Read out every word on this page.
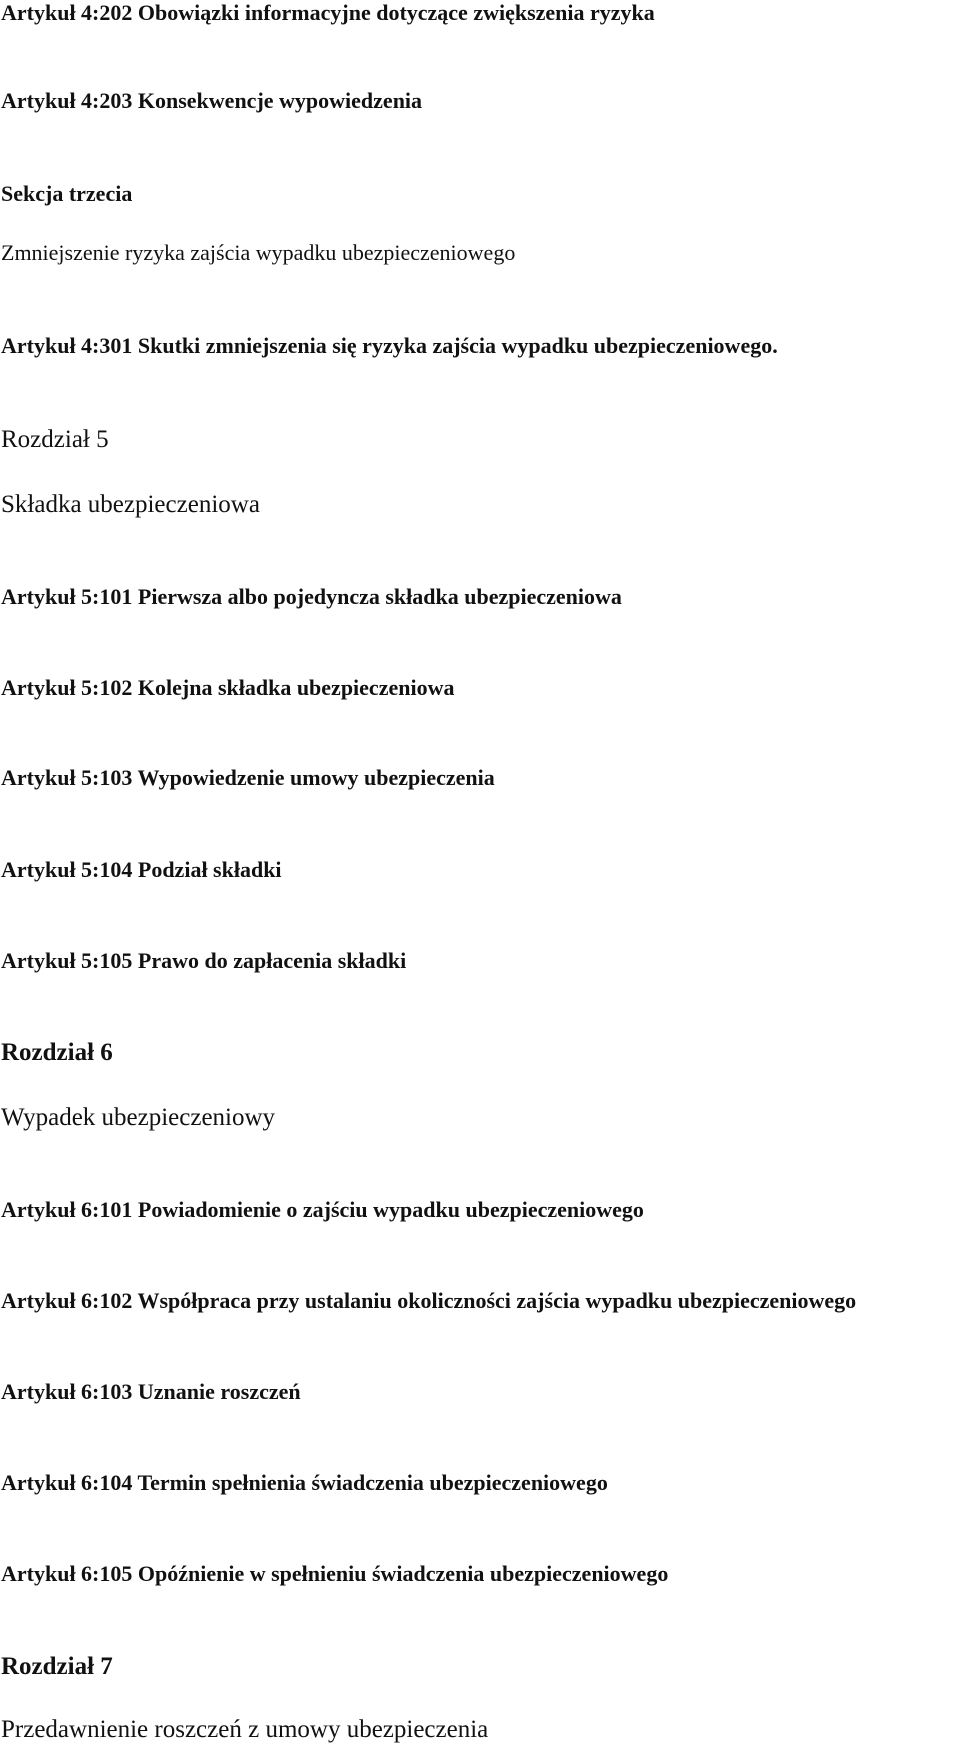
Artykuł 4:202 Obowiązki informacyjne dotyczące zwiększenia ryzyka
Artykuł 4:203 Konsekwencje wypowiedzenia
Sekcja trzecia
Zmniejszenie ryzyka zajścia wypadku ubezpieczeniowego
Artykuł 4:301 Skutki zmniejszenia się ryzyka zajścia wypadku ubezpieczeniowego.
Rozdział 5
Składka ubezpieczeniowa
Artykuł 5:101 Pierwsza albo pojedyncza składka ubezpieczeniowa
Artykuł 5:102 Kolejna składka ubezpieczeniowa
Artykuł 5:103 Wypowiedzenie umowy ubezpieczenia
Artykuł 5:104 Podział składki
Artykuł 5:105 Prawo do zapłacenia składki
Rozdział 6
Wypadek ubezpieczeniowy
Artykuł 6:101 Powiadomienie o zajściu wypadku ubezpieczeniowego
Artykuł 6:102 Współpraca przy ustalaniu okoliczności zajścia wypadku ubezpieczeniowego
Artykuł 6:103 Uznanie roszczeń
Artykuł 6:104 Termin spełnienia świadczenia ubezpieczeniowego
Artykuł 6:105 Opóźnienie w spełnieniu świadczenia ubezpieczeniowego
Rozdział 7
Przedawnienie roszczeń z umowy ubezpieczenia
